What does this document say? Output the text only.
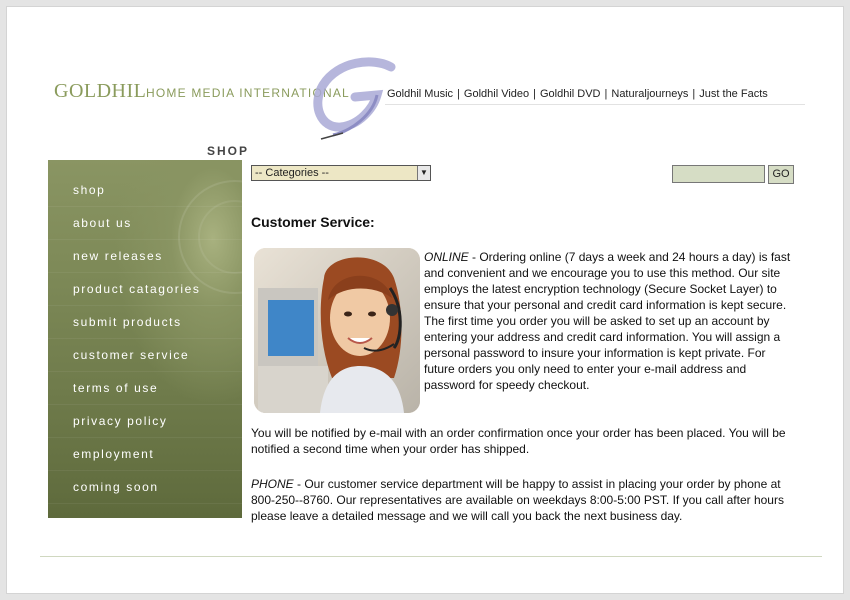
GOLDHIL HOME MEDIA INTERNATIONAL	Goldhil Music | Goldhil Video | Goldhil DVD | Naturaljourneys | Just the Facts
SHOP
shop
about us
new releases
product catagories
submit products
customer service
terms of use
privacy policy
employment
coming soon
-- Categories --	▼	GO
Customer Service:
ONLINE - Ordering online (7 days a week and 24 hours a day) is fast and convenient and we encourage you to use this method. Our site employs the latest encryption technology (Secure Socket Layer) to ensure that your personal and credit card information is kept secure. The first time you order you will be asked to set up an account by entering your address and credit card information. You will assign a personal password to insure your information is kept private. For future orders you only need to enter your e-mail address and password for speedy checkout.
You will be notified by e-mail with an order confirmation once your order has been placed. You will be notified a second time when your order has shipped.
PHONE - Our customer service department will be happy to assist in placing your order by phone at 800-250--8760. Our representatives are available on weekdays 8:00-5:00 PST. If you call after hours please leave a detailed message and we will call you back the next business day.
